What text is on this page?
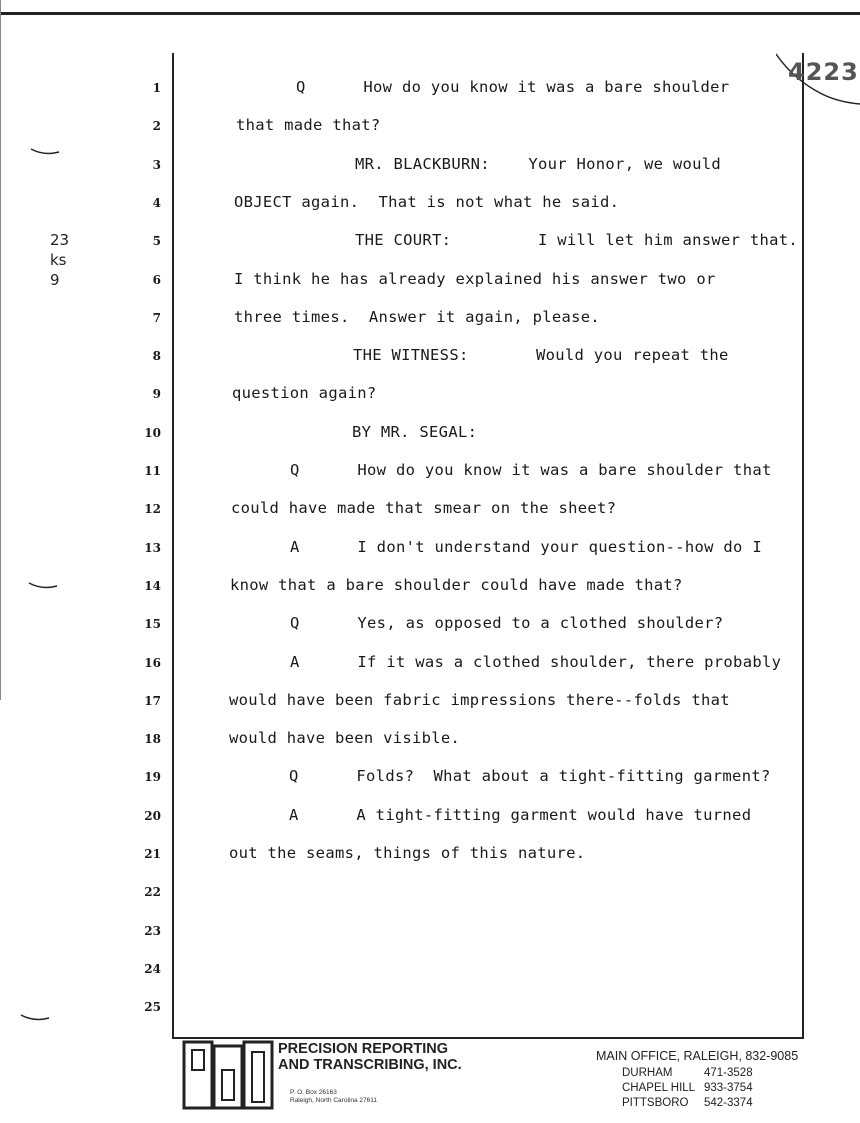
4223
23
ks
9
1	Q      How do you know it was a bare shoulder
2	that made that?
3	MR. BLACKBURN:    Your Honor, we would
4	OBJECT again.  That is not what he said.
5	THE COURT:         I will let him answer that.
6	I think he has already explained his answer two or
7	three times.  Answer it again, please.
8	THE WITNESS:       Would you repeat the
9	question again?
10	BY MR. SEGAL:
11	Q      How do you know it was a bare shoulder that
12	could have made that smear on the sheet?
13	A      I don't understand your question--how do I
14	know that a bare shoulder could have made that?
15	Q      Yes, as opposed to a clothed shoulder?
16	A      If it was a clothed shoulder, there probably
17	would have been fabric impressions there--folds that
18	would have been visible.
19	Q      Folds?  What about a tight-fitting garment?
20	A      A tight-fitting garment would have turned
21	out the seams, things of this nature.
22
23
24
25
PRECISION REPORTING
AND TRANSCRIBING, INC.
P. O. Box 26163
Raleigh, North Carolina 27611
MAIN OFFICE, RALEIGH, 832-9085
DURHAM	471-3528
CHAPEL HILL 933-3754
PITTSBORO 542-3374
